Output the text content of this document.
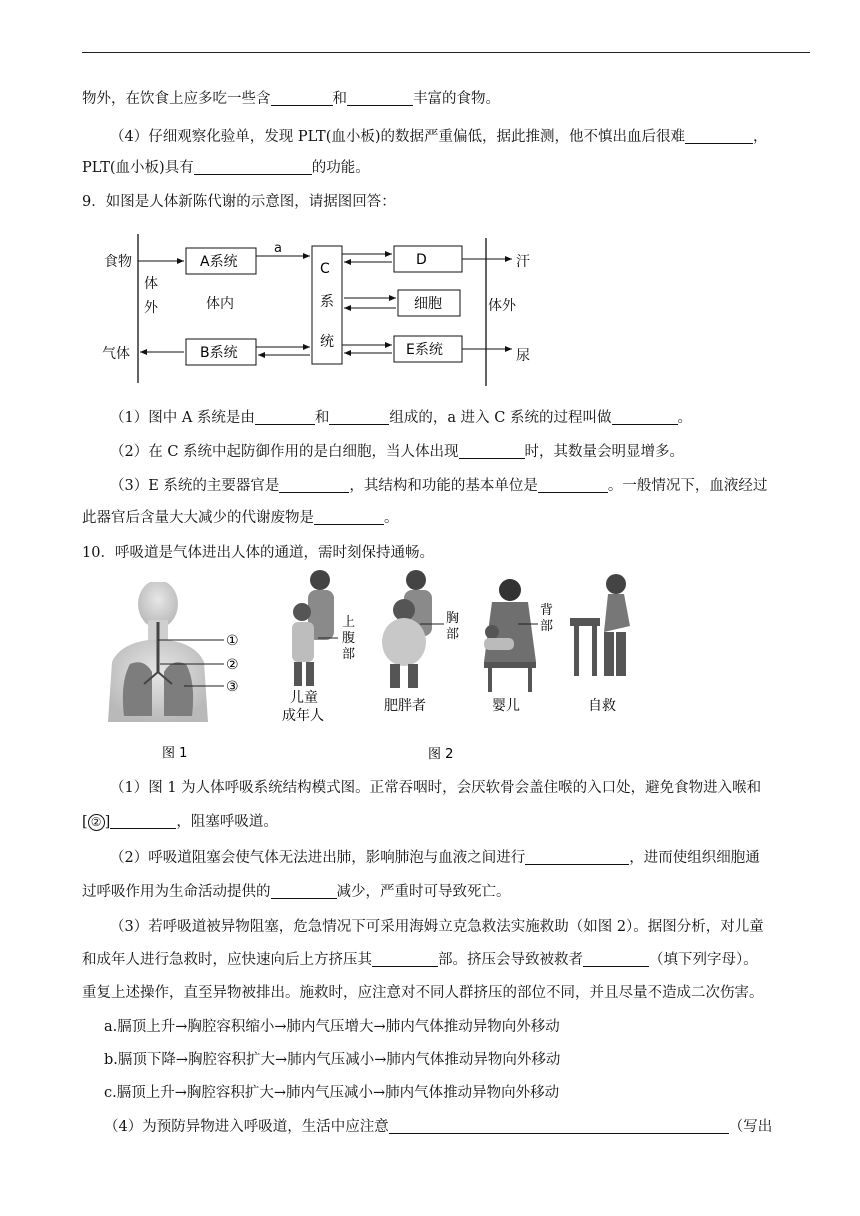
物外，在饮食上应多吃一些含	和	丰富的食物。
（4）仔细观察化验单，发现 PLT(血小板)的数据严重偏低，据此推测，他不慎出血后很难	，
PLT(血小板)具有	的功能。
9．如图是人体新陈代谢的示意图，请据图回答：
食物
气体
体
外	体内
a
体外
汗
尿
A系统
B系统
C
系
统
D
细胞
E系统
（1）图中 A 系统是由	和	组成的，a 进入 C 系统的过程叫做	。
（2）在 C 系统中起防御作用的是白细胞，当人体出现	时，其数量会明显增多。
（3）E 系统的主要器官是	，其结构和功能的基本单位是	。一般情况下，血液经过
此器官后含量大大减少的代谢废物是	。
10．呼吸道是气体进出人体的通道，需时刻保持通畅。
①
②
③
图 1
上
腹
部
胸
部
背
部
儿童
成年人
肥胖者	婴儿	自救
图 2
（1）图 1 为人体呼吸系统结构模式图。正常吞咽时，会厌软骨会盖住喉的入口处，避免食物进入喉和
[ ② ]	，阻塞呼吸道。
（2）呼吸道阻塞会使气体无法进出肺，影响肺泡与血液之间进行	，进而使组织细胞通
过呼吸作用为生命活动提供的	减少，严重时可导致死亡。
（3）若呼吸道被异物阻塞，危急情况下可采用海姆立克急救法实施救助（如图 2）。据图分析，对儿童
和成年人进行急救时，应快速向后上方挤压其	部。挤压会导致被救者	（填下列字母）。
重复上述操作，直至异物被排出。施救时，应注意对不同人群挤压的部位不同，并且尽量不造成二次伤害。
a.膈顶上升→胸腔容积缩小→肺内气压增大→肺内气体推动异物向外移动
b.膈顶下降→胸腔容积扩大→肺内气压减小→肺内气体推动异物向外移动
c.膈顶上升→胸腔容积扩大→肺内气压减小→肺内气体推动异物向外移动
（4）为预防异物进入呼吸道，生活中应注意	（写出
